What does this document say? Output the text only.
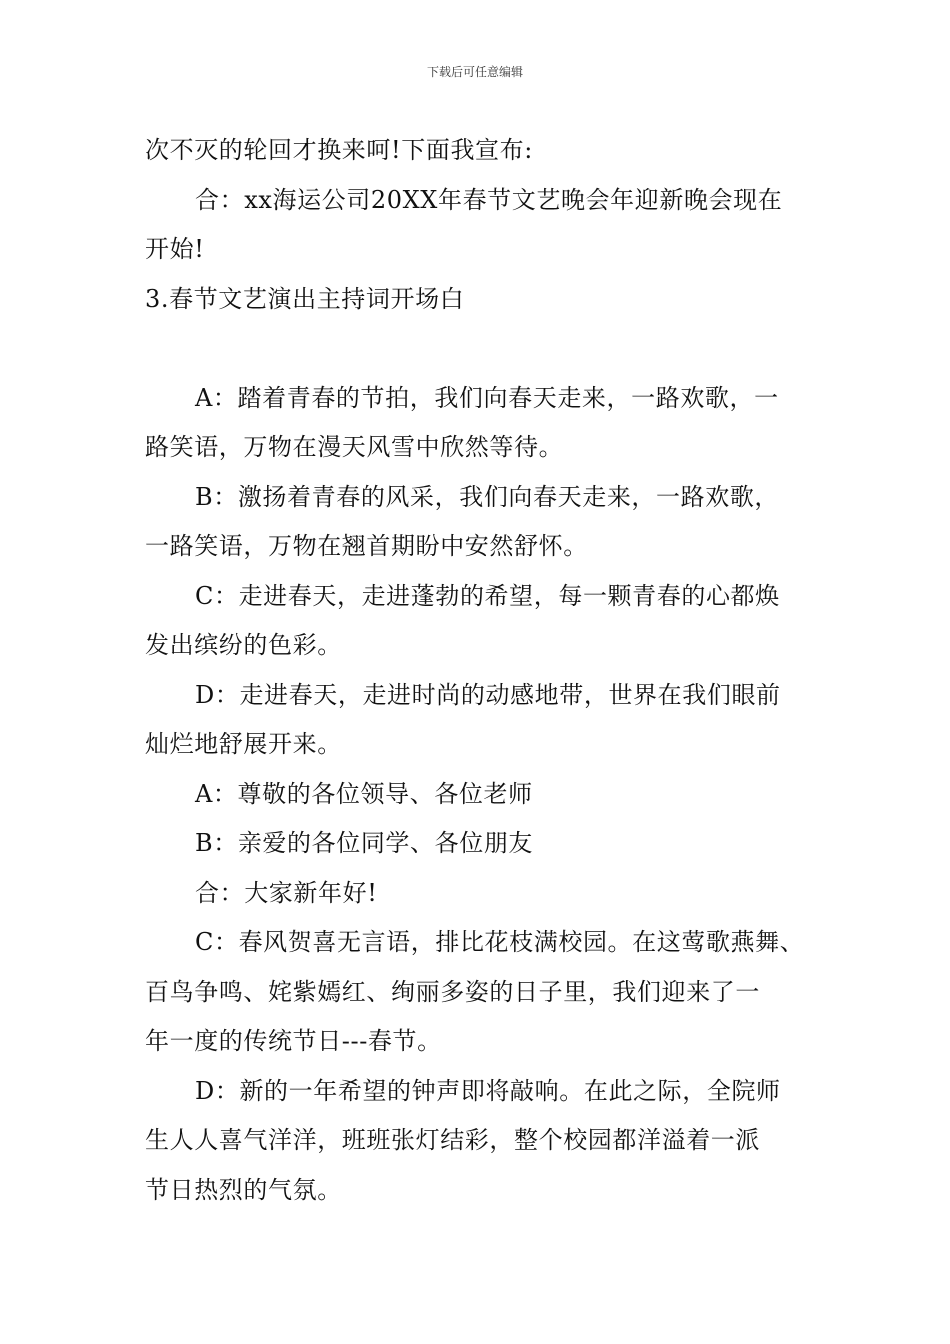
下载后可任意编辑
次不灭的轮回才换来呵!下面我宣布:
合：xx海运公司20XX年春节文艺晚会年迎新晚会现在
开始!
3.春节文艺演出主持词开场白
A：踏着青春的节拍，我们向春天走来，一路欢歌，一
路笑语，万物在漫天风雪中欣然等待。
B：激扬着青春的风采，我们向春天走来，一路欢歌，
一路笑语，万物在翘首期盼中安然舒怀。
C：走进春天，走进蓬勃的希望，每一颗青春的心都焕
发出缤纷的色彩。
D：走进春天，走进时尚的动感地带，世界在我们眼前
灿烂地舒展开来。
A：尊敬的各位领导、各位老师
B：亲爱的各位同学、各位朋友
合：大家新年好!
C：春风贺喜无言语，排比花枝满校园。在这莺歌燕舞、
百鸟争鸣、姹紫嫣红、绚丽多姿的日子里，我们迎来了一
年一度的传统节日---春节。
D：新的一年希望的钟声即将敲响。在此之际，全院师
生人人喜气洋洋，班班张灯结彩，整个校园都洋溢着一派
节日热烈的气氛。
